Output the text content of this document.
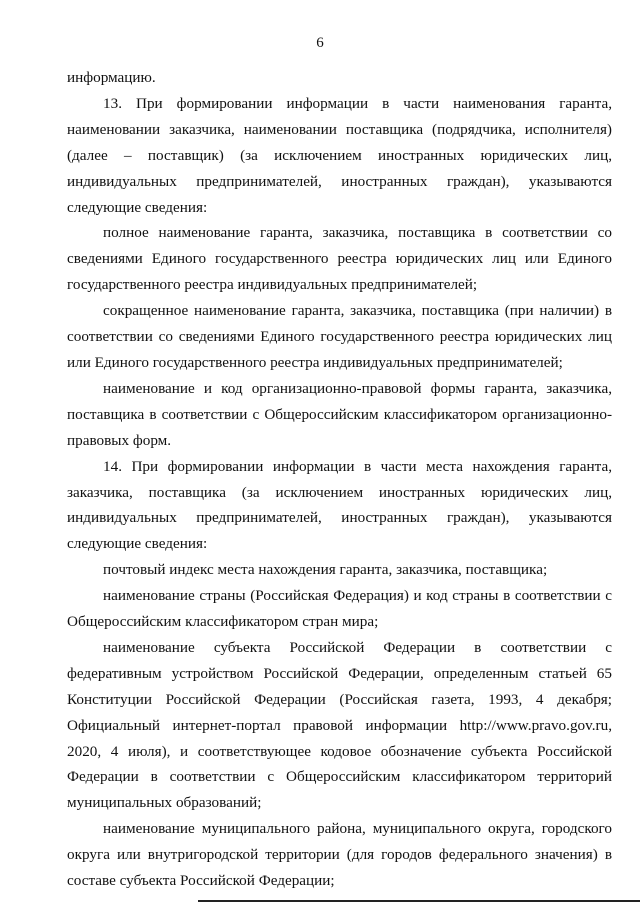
6

информацию.

13. При формировании информации в части наименования гаранта, наименовании заказчика, наименовании поставщика (подрядчика, исполнителя) (далее – поставщик) (за исключением иностранных юридических лиц, индивидуальных предпринимателей, иностранных граждан), указываются следующие сведения:

полное наименование гаранта, заказчика, поставщика в соответствии со сведениями Единого государственного реестра юридических лиц или Единого государственного реестра индивидуальных предпринимателей;

сокращенное наименование гаранта, заказчика, поставщика (при наличии) в соответствии со сведениями Единого государственного реестра юридических лиц или Единого государственного реестра индивидуальных предпринимателей;

наименование и код организационно-правовой формы гаранта, заказчика, поставщика в соответствии с Общероссийским классификатором организационно-правовых форм.

14. При формировании информации в части места нахождения гаранта, заказчика, поставщика (за исключением иностранных юридических лиц, индивидуальных предпринимателей, иностранных граждан), указываются следующие сведения:

почтовый индекс места нахождения гаранта, заказчика, поставщика;

наименование страны (Российская Федерация) и код страны в соответствии с Общероссийским классификатором стран мира;

наименование субъекта Российской Федерации в соответствии с федеративным устройством Российской Федерации, определенным статьей 65 Конституции Российской Федерации (Российская газета, 1993, 4 декабря; Официальный интернет-портал правовой информации http://www.pravo.gov.ru, 2020, 4 июля), и соответствующее кодовое обозначение субъекта Российской Федерации в соответствии с Общероссийским классификатором территорий муниципальных образований;

наименование муниципального района, муниципального округа, городского округа или внутригородской территории (для городов федерального значения) в составе субъекта Российской Федерации;
